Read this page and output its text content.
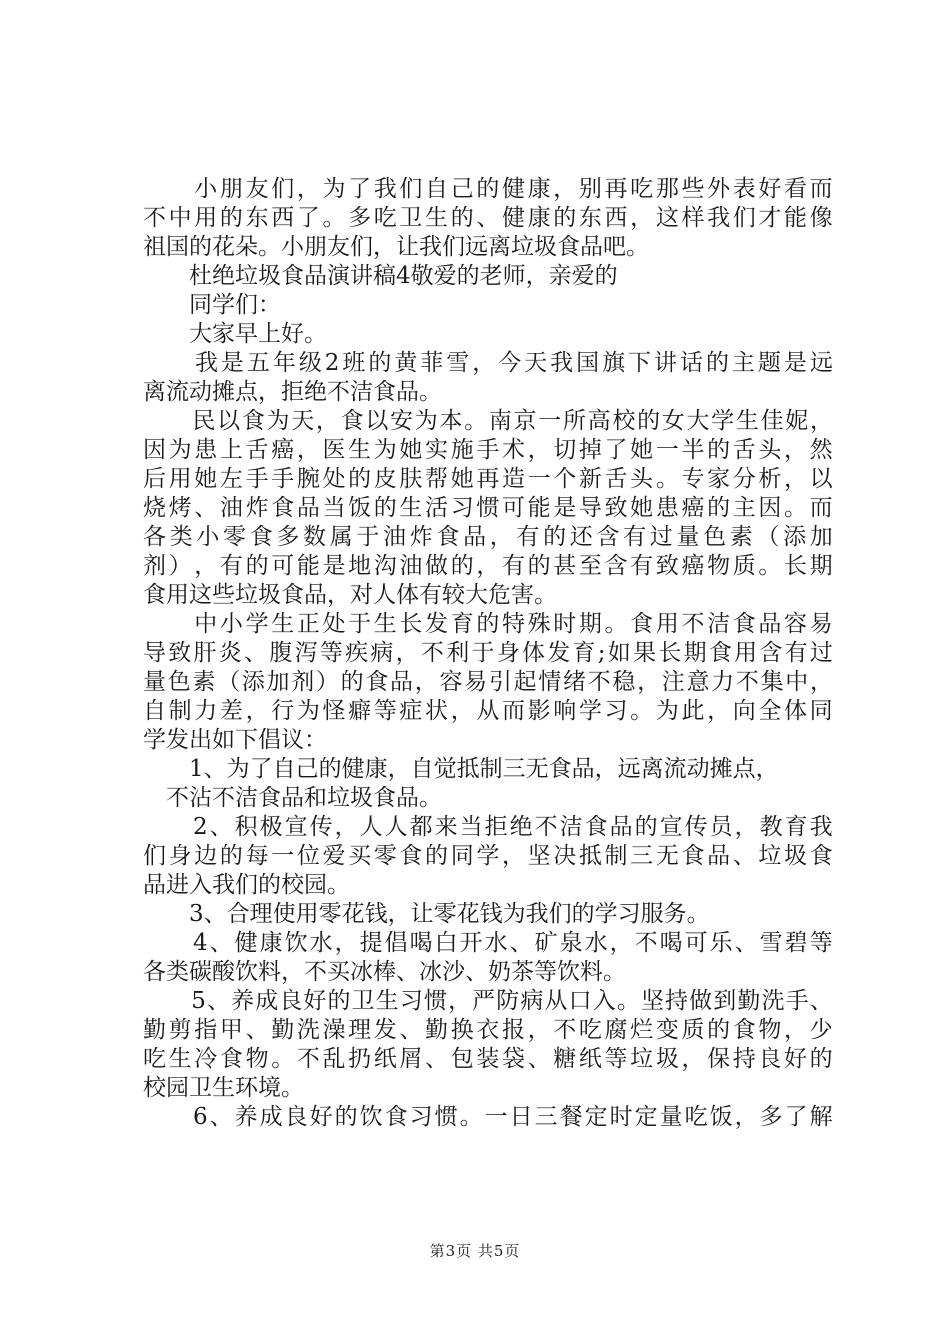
小 朋 友 们 ， 为 了 我 们 自 己 的 健 康 ， 别 再 吃 那 些 外 表 好 看 而
不 中 用 的 东 西 了 。 多 吃 卫 生 的 、 健 康 的 东 西 ， 这 样 我 们 才 能 像
祖国的花朵。小朋友们，让我们远离垃圾食品吧。
　　杜绝垃圾食品演讲稿4敬爱的老师，亲爱的
　　同学们：
　　大家早上好。

我 是 五 年 级 2 班 的 黄 菲 雪 ， 今 天 我 国 旗 下 讲 话 的 主 题 是 远
离流动摊点，拒绝不洁食品。

民 以 食 为 天 ， 食 以 安 为 本 。 南 京 一 所 高 校 的 女 大 学 生 佳 妮 ，
因 为 患 上 舌 癌 ， 医 生 为 她 实 施 手 术 ， 切 掉 了 她 一 半 的 舌 头 ， 然
后 用 她 左 手 手 腕 处 的 皮 肤 帮 她 再 造 一 个 新 舌 头 。 专 家 分 析 ， 以
烧 烤 、 油 炸 食 品 当 饭 的 生 活 习 惯 可 能 是 导 致 她 患 癌 的 主 因 。 而
各 类 小 零 食 多 数 属 于 油 炸 食 品 ， 有 的 还 含 有 过 量 色 素 （ 添 加
剂 ） ， 有 的 可 能 是 地 沟 油 做 的 ， 有 的 甚 至 含 有 致 癌 物 质 。 长 期
食用这些垃圾食品，对人体有较大危害。

中 小 学 生 正 处 于 生 长 发 育 的 特 殊 时 期 。 食 用 不 洁 食 品 容 易
导 致 肝 炎 、 腹 泻 等 疾 病 ， 不 利 于 身 体 发 育 ; 如 果 长 期 食 用 含 有 过
量 色 素 （ 添 加 剂 ） 的 食 品 ， 容 易 引 起 情 绪 不 稳 ， 注 意 力 不 集 中 ，
自 制 力 差 ， 行 为 怪 癖 等 症 状 ， 从 而 影 响 学 习 。 为 此 ， 向 全 体 同
学发出如下倡议：
　　1、为了自己的健康，自觉抵制三无食品，远离流动摊点，
　不沾不洁食品和垃圾食品。

2 、 积 极 宣 传 ， 人 人 都 来 当 拒 绝 不 洁 食 品 的 宣 传 员 ， 教 育 我
们 身 边 的 每 一 位 爱 买 零 食 的 同 学 ， 坚 决 抵 制 三 无 食 品 、 垃 圾 食
品进入我们的校园。
　　3、合理使用零花钱，让零花钱为我们的学习服务。

4 、 健 康 饮 水 ， 提 倡 喝 白 开 水 、 矿 泉 水 ， 不 喝 可 乐 、 雪 碧 等
各类碳酸饮料，不买冰棒、冰沙、奶茶等饮料。

5 、 养 成 良 好 的 卫 生 习 惯 ， 严 防 病 从 口 入 。 坚 持 做 到 勤 洗 手 、
勤 剪 指 甲 、 勤 洗 澡 理 发 、 勤 换 衣 报 ， 不 吃 腐 烂 变 质 的 食 物 ， 少
吃 生 冷 食 物 。 不 乱 扔 纸 屑 、 包 装 袋 、 糖 纸 等 垃 圾 ， 保 持 良 好 的
校园卫生环境。

6 、 养 成 良 好 的 饮 食 习 惯 。 一 日 三 餐 定 时 定 量 吃 饭 ， 多 了 解
第3页 共5页
